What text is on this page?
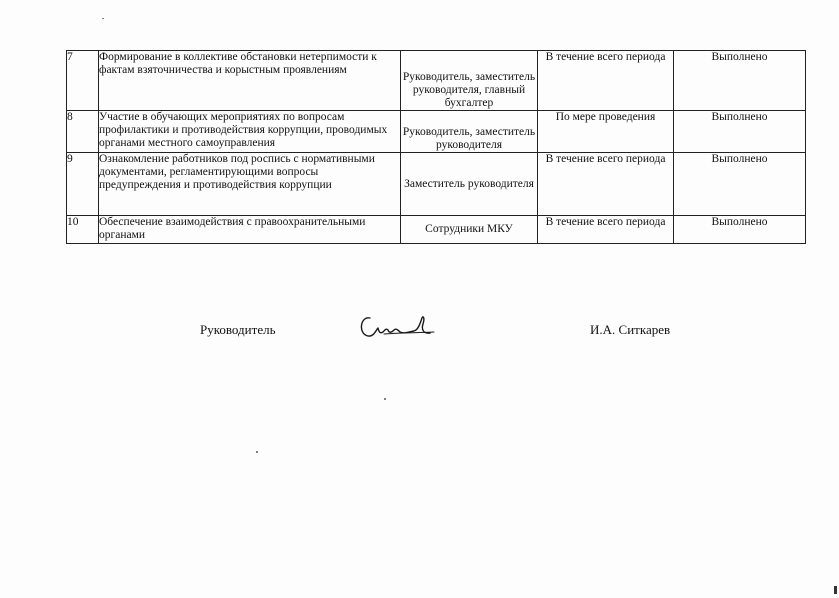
7	Формирование в коллективе обстановки нетерпимости к фактам взяточничества и корыстным проявлениям	Руководитель, заместитель руководителя, главный бухгалтер	В течение всего периода	Выполнено

8	Участие в обучающих мероприятиях по вопросам профилактики и противодействия коррупции, проводимых органами местного самоуправления	Руководитель, заместитель руководителя	По мере проведения	Выполнено

9	Ознакомление работников под роспись с нормативными документами, регламентирующими вопросы предупреждения и противодействия коррупции	Заместитель руководителя	В течение всего периода	Выполнено

10	Обеспечение взаимодействия с правоохранительными органами	Сотрудники МКУ	В течение всего периода	Выполнено
Руководитель	И.А. Ситкарев
